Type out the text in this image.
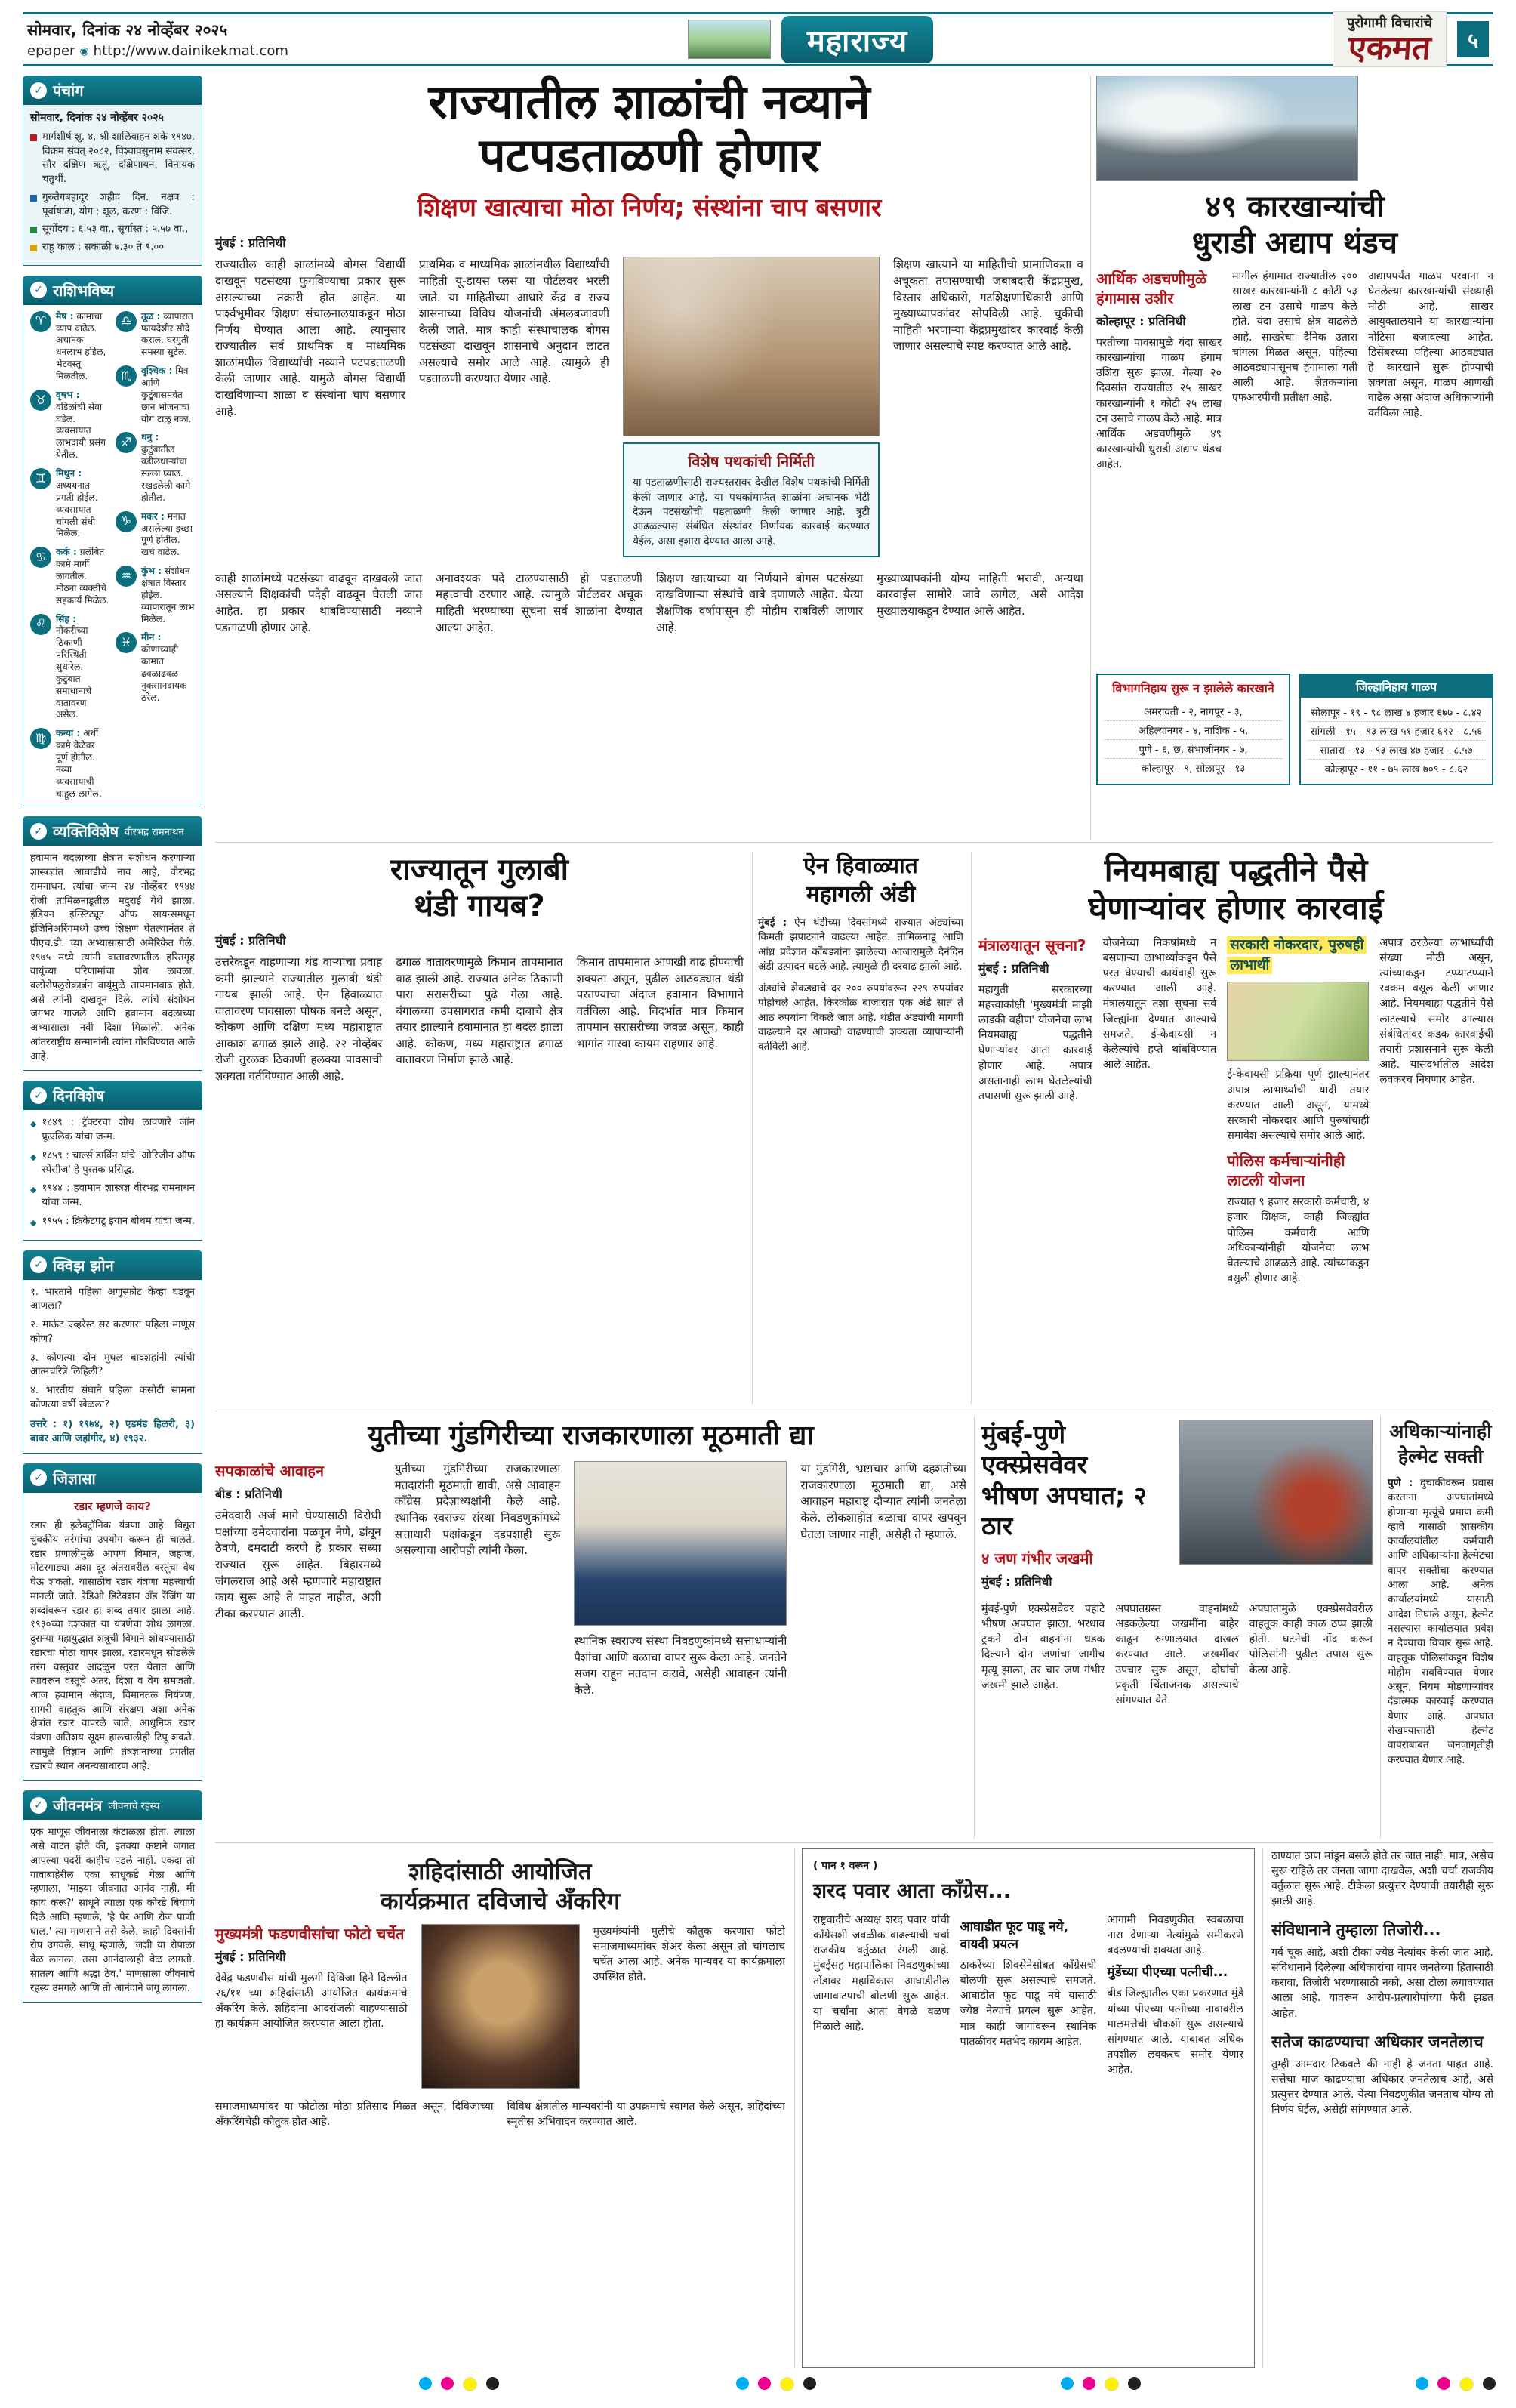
सोमवार, दिनांक २४ नोव्हेंबर २०२५
epaper ◉ http://www.dainikekmat.com	महाराज्य
पुरोगामी विचारांचे
एकमत	५
✓ पंचांग
सोमवार, दिनांक २४ नोव्हेंबर २०२५
मार्गशीर्ष शु. ४, श्री शालिवाहन शके १९४७, विक्रम संवत् २०८२, विश्वावसुनाम संवत्सर, सौर दक्षिण ऋतू, दक्षिणायन. विनायक चतुर्थी.
गुरुतेगबहादूर शहीद दिन. नक्षत्र : पूर्वाषाढा, योग : शूल, करण : विंजि.
सूर्योदय : ६.५३ वा., सूर्यास्त : ५.५७ वा.,
राहू काल : सकाळी ७.३० ते ९.००
✓ राशिभविष्य
♈	मेष : कामाचा व्याप वाढेल. अचानक धनलाभ होईल, भेटवस्तू मिळतील.
♉	वृषभ : वडिलांची सेवा घडेल. व्यवसायात लाभदायी प्रसंग येतील.
♊	मिथुन : अध्ययनात प्रगती होईल. व्यवसायात चांगली संधी मिळेल.
♋	कर्क : प्रलंबित कामे मार्गी लागतील. मोठ्या व्यक्तींचे सहकार्य मिळेल.
♌	सिंह : नोकरीच्या ठिकाणी परिस्थिती सुधारेल. कुटुंबात समाधानाचे वातावरण असेल.
♍	कन्या : अर्धी कामे वेळेवर पूर्ण होतील. नव्या व्यवसायाची चाहूल लागेल.
♎	तूळ : व्यापारात फायदेशीर सौदे कराल. घरगुती समस्या सुटेल.
♏	वृश्चिक : मित्र आणि कुटुंबासमवेत छान भोजनाचा योग टाळू नका.
♐	धनु : कुटुंबातील वडीलधाऱ्यांचा सल्ला घ्याल. रखडलेली कामे होतील.
♑	मकर : मनात असलेल्या इच्छा पूर्ण होतील. खर्च वाढेल.
♒	कुंभ : संशोधन क्षेत्रात विस्तार होईल. व्यापारातून लाभ मिळेल.
♓	मीन : कोणाच्याही कामात ढवळाढवळ नुकसानदायक ठरेल.
✓ व्यक्तिविशेष वीरभद्र रामनाथन
हवामान बदलाच्या क्षेत्रात संशोधन करणाऱ्या शास्त्रज्ञांत आघाडीचे नाव आहे, वीरभद्र रामनाथन. त्यांचा जन्म २४ नोव्हेंबर १९४४ रोजी तामिळनाडूतील मदुराई येथे झाला. इंडियन इन्स्टिट्यूट ऑफ सायन्समधून इंजिनिअरिंगमध्ये उच्च शिक्षण घेतल्यानंतर ते पीएच.डी. च्या अभ्यासासाठी अमेरिकेत गेले. १९७५ मध्ये त्यांनी वातावरणातील हरितगृह वायूंच्या परिणामांचा शोध लावला. क्लोरोफ्लुरोकार्बन वायूंमुळे तापमानवाढ होते, असे त्यांनी दाखवून दिले. त्यांचे संशोधन जगभर गाजले आणि हवामान बदलाच्या अभ्यासाला नवी दिशा मिळाली. अनेक आंतरराष्ट्रीय सन्मानांनी त्यांना गौरविण्यात आले आहे.
✓ दिनविशेष
◆ १८४९ : ट्रॅक्टरचा शोध लावणारे जॉन फ्रूएलिक यांचा जन्म.
◆ १८५९ : चार्ल्स डार्विन यांचे 'ओरिजीन ऑफ स्पेसीज' हे पुस्तक प्रसिद्ध.
◆ १९४४ : हवामान शास्त्रज्ञ वीरभद्र रामनाथन यांचा जन्म.
◆ १९५५ : क्रिकेटपटू इयान बोथम यांचा जन्म.
✓ क्विझ झोन
१. भारताने पहिला अणुस्फोट केव्हा घडवून आणला?
२. माऊंट एव्हरेस्ट सर करणारा पहिला माणूस कोण?
३. कोणत्या दोन मुघल बादशहांनी त्यांची आत्मचरित्रे लिहिली?
४. भारतीय संघाने पहिला कसोटी सामना कोणत्या वर्षी खेळला?
उत्तरे : १) १९७४, २) एडमंड हिलरी, ३) बाबर आणि जहांगीर, ४) १९३२.
✓ जिज्ञासा
रडार म्हणजे काय?
रडार ही इलेक्ट्रॉनिक यंत्रणा आहे. विद्युत चुंबकीय तरंगांचा उपयोग करून ही चालते. रडार प्रणालीमुळे आपण विमान, जहाज, मोटरगाड्या अशा दूर अंतरावरील वस्तूंचा वेध घेऊ शकतो. यासाठीच रडार यंत्रणा महत्त्वाची मानली जाते. रेडिओ डिटेक्शन अँड रेंजिंग या शब्दांवरून रडार हा शब्द तयार झाला आहे. १९३०च्या दशकात या यंत्रणेचा शोध लागला. दुसऱ्या महायुद्धात शत्रूची विमाने शोधण्यासाठी रडारचा मोठा वापर झाला. रडारमधून सोडलेले तरंग वस्तूवर आदळून परत येतात आणि त्यावरून वस्तूचे अंतर, दिशा व वेग समजतो. आज हवामान अंदाज, विमानतळ नियंत्रण, सागरी वाहतूक आणि संरक्षण अशा अनेक क्षेत्रांत रडार वापरले जाते. आधुनिक रडार यंत्रणा अतिशय सूक्ष्म हालचालीही टिपू शकते. त्यामुळे विज्ञान आणि तंत्रज्ञानाच्या प्रगतीत रडारचे स्थान अनन्यसाधारण आहे.
✓ जीवनमंत्र जीवनाचे रहस्य
एक माणूस जीवनाला कंटाळला होता. त्याला असे वाटत होते की, इतक्या कष्टाने जगात आपल्या पदरी काहीच पडले नाही. एकदा तो गावाबाहेरील एका साधूकडे गेला आणि म्हणाला, 'माझ्या जीवनात आनंद नाही. मी काय करू?' साधूने त्याला एक कोरडे बियाणे दिले आणि म्हणाले, 'हे पेर आणि रोज पाणी घाल.' त्या माणसाने तसे केले. काही दिवसांनी रोप उगवले. साधू म्हणाले, 'जशी या रोपाला वेळ लागला, तसा आनंदालाही वेळ लागतो. सातत्य आणि श्रद्धा ठेव.' माणसाला जीवनाचे रहस्य उमगले आणि तो आनंदाने जगू लागला.
राज्यातील शाळांची नव्याने
पटपडताळणी होणार
शिक्षण खात्याचा मोठा निर्णय; संस्थांना चाप बसणार
मुंबई : प्रतिनिधी
राज्यातील काही शाळांमध्ये बोगस विद्यार्थी दाखवून पटसंख्या फुगविण्याचा प्रकार सुरू असल्याच्या तक्रारी होत आहेत. या पार्श्वभूमीवर शिक्षण संचालनालयाकडून मोठा निर्णय घेण्यात आला आहे. त्यानुसार राज्यातील सर्व प्राथमिक व माध्यमिक शाळांमधील विद्यार्थ्यांची नव्याने पटपडताळणी केली जाणार आहे. यामुळे बोगस विद्यार्थी दाखविणाऱ्या शाळा व संस्थांना चाप बसणार आहे.
प्राथमिक व माध्यमिक शाळांमधील विद्यार्थ्यांची माहिती यू-डायस प्लस या पोर्टलवर भरली जाते. या माहितीच्या आधारे केंद्र व राज्य शासनाच्या विविध योजनांची अंमलबजावणी केली जाते. मात्र काही संस्थाचालक बोगस पटसंख्या दाखवून शासनाचे अनुदान लाटत असल्याचे समोर आले आहे. त्यामुळे ही पडताळणी करण्यात येणार आहे.
विशेष पथकांची निर्मिती
या पडताळणीसाठी राज्यस्तरावर देखील विशेष पथकांची निर्मिती केली जाणार आहे. या पथकांमार्फत शाळांना अचानक भेटी देऊन पटसंख्येची पडताळणी केली जाणार आहे. त्रुटी आढळल्यास संबंधित संस्थांवर निर्णायक कारवाई करण्यात येईल, असा इशारा देण्यात आला आहे.
शिक्षण खात्याने या माहितीची प्रामाणिकता व अचूकता तपासण्याची जबाबदारी केंद्रप्रमुख, विस्तार अधिकारी, गटशिक्षणाधिकारी आणि मुख्याध्यापकांवर सोपविली आहे. चुकीची माहिती भरणाऱ्या केंद्रप्रमुखांवर कारवाई केली जाणार असल्याचे स्पष्ट करण्यात आले आहे.
काही शाळांमध्ये पटसंख्या वाढवून दाखवली जात असल्याने शिक्षकांची पदेही वाढवून घेतली जात आहेत. हा प्रकार थांबविण्यासाठी नव्याने पडताळणी होणार आहे.
अनावश्यक पदे टाळण्यासाठी ही पडताळणी महत्त्वाची ठरणार आहे. त्यामुळे पोर्टलवर अचूक माहिती भरण्याच्या सूचना सर्व शाळांना देण्यात आल्या आहेत.
शिक्षण खात्याच्या या निर्णयाने बोगस पटसंख्या दाखविणाऱ्या संस्थांचे धाबे दणाणले आहेत. येत्या शैक्षणिक वर्षापासून ही मोहीम राबविली जाणार आहे.
मुख्याध्यापकांनी योग्य माहिती भरावी, अन्यथा कारवाईस सामोरे जावे लागेल, असे आदेश मुख्यालयाकडून देण्यात आले आहेत.
४९ कारखान्यांची
धुराडी अद्याप थंडच
आर्थिक अडचणीमुळे हंगामास उशीर
कोल्हापूर : प्रतिनिधी
परतीच्या पावसामुळे यंदा साखर कारखान्यांचा गाळप हंगाम उशिरा सुरू झाला. गेल्या २० दिवसांत राज्यातील २५ साखर कारखान्यांनी १ कोटी २५ लाख टन उसाचे गाळप केले आहे. मात्र आर्थिक अडचणीमुळे ४९ कारखान्यांची धुराडी अद्याप थंडच आहेत.
मागील हंगामात राज्यातील २०० साखर कारखान्यांनी ८ कोटी ५३ लाख टन उसाचे गाळप केले होते. यंदा उसाचे क्षेत्र वाढलेले आहे. साखरेचा दैनिक उतारा चांगला मि‌ळत असून, पहिल्या आठवड्यापासूनच हंगामाला गती आली आहे. शेतकऱ्यांना एफआरपीची प्रतीक्षा आहे.
अद्यापपर्यंत गाळप परवाना न घेतलेल्या कारखान्यांची संख्याही मोठी आहे. साखर आयुक्तालयाने या कारखान्यांना नोटिसा बजावल्या आहेत. डिसेंबरच्या पहिल्या आठवड्यात हे कारखाने सुरू होण्याची शक्यता असून, गाळप आणखी वाढेल असा अंदाज अधिकाऱ्यांनी वर्तविला आहे.
विभागनिहाय सुरू न झालेले कारखाने
अमरावती - २, नागपूर - ३,
अहिल्यानगर - ४, नाशिक - ५,
पुणे - ६, छ. संभाजीनगर - ७,
कोल्हापूर - ९, सोलापूर - १३
जिल्हानिहाय गाळप
सोलापूर - १९ - ९८ लाख ४ हजार ६७७ - ८.४२
सांगली - १५ - ९३ लाख ५१ हजार ६९२ - ८.५६
सातारा - १३ - ९३ लाख ४७ हजार - ८.५७
कोल्हापूर - ११ - ७५ लाख ७०९ - ८.६२
राज्यातून गुलाबी
थंडी गायब?
मुंबई : प्रतिनिधी
उत्तरेकडून वाहणाऱ्या थंड वाऱ्यांचा प्रवाह कमी झाल्याने राज्यातील गुलाबी थंडी गायब झाली आहे. ऐन हिवाळ्यात वातावरण पावसाला पोषक बनले असून, कोकण आणि दक्षिण मध्य महाराष्ट्रात आकाश ढगाळ झाले आहे. २२ नोव्हेंबर रोजी तुरळक ठिकाणी हलक्या पावसाची शक्यता वर्तविण्यात आली आहे.
ढगाळ वातावरणामुळे किमान तापमानात वाढ झाली आहे. राज्यात अनेक ठिकाणी पारा सरासरीच्या पुढे गेला आहे. बंगालच्या उपसागरात कमी दाबाचे क्षेत्र तयार झाल्याने हवामानात हा बदल झाला आहे. कोकण, मध्य महाराष्ट्रात ढगाळ वातावरण निर्माण झाले आहे.
किमान तापमानात आणखी वाढ होण्याची शक्यता असून, पुढील आठवड्यात थंडी परतण्याचा अंदाज हवामान विभागाने वर्तविला आहे. विदर्भात मात्र किमान तापमान सरासरीच्या जवळ असून, काही भागांत गारवा कायम राहणार आहे.
ऐन हिवाळ्यात
महागली अंडी
मुंबई : ऐन थंडीच्या दिवसांमध्ये राज्यात अंड्यांच्या किमती झपाट्याने वाढल्या आहेत. तामिळनाडू आणि आंध्र प्रदेशात कोंबड्यांना झालेल्या आजारामुळे दैनंदिन अंडी उत्पादन घटले आहे. त्यामुळे ही दरवाढ झाली आहे.
अंड्यांचे शेकड्याचे दर २०० रुपयांवरून २२९ रुपयांवर पोहोचले आहेत. किरकोळ बाजारात एक अंडे सात ते आठ रुपयांना विकले जात आहे. थंडीत अंड्यांची मागणी वाढल्याने दर आणखी वाढण्याची शक्यता व्यापाऱ्यांनी वर्तविली आहे.
नियमबाह्य पद्धतीने पैसे
घेणाऱ्यांवर होणार कारवाई
मंत्रालयातून सूचना?
मुंबई : प्रतिनिधी
महायुती सरकारच्या महत्त्वाकांक्षी 'मुख्यमंत्री माझी लाडकी बहीण' योजनेचा लाभ नियमबाह्य पद्धतीने घेणाऱ्यांवर आता कारवाई होणार आहे. अपात्र असतानाही लाभ घेतलेल्यांची तपासणी सुरू झाली आहे.
योजनेच्या निकषांमध्ये न बसणाऱ्या लाभार्थ्यांकडून पैसे परत घेण्याची कार्यवाही सुरू करण्यात आली आहे. मंत्रालयातून तशा सूचना सर्व जिल्ह्यांना देण्यात आल्याचे समजते. ई-केवायसी न केलेल्यांचे हप्ते थांबविण्यात आले आहेत.
सरकारी नोकरदार, पुरुषही लाभार्थी
ई-केवायसी प्रक्रिया पूर्ण झाल्यानंतर अपात्र लाभार्थ्यांची यादी तयार करण्यात आली असून, यामध्ये सरकारी नोकरदार आणि पुरुषांचाही समावेश असल्याचे समोर आले आहे.
पोलिस कर्मचाऱ्यांनीही लाटली योजना
राज्यात ९ हजार सरकारी कर्मचारी, ४ हजार शिक्षक, काही जिल्ह्यांत पोलिस कर्मचारी आणि अधिकाऱ्यांनीही योजनेचा लाभ घेतल्याचे आढळले आहे. त्यांच्याकडून वसुली होणार आहे.
अपात्र ठरलेल्या लाभार्थ्यांची संख्या मोठी असून, त्यांच्याकडून टप्प्याटप्प्याने रक्कम वसूल केली जाणार आहे. नियमबाह्य पद्धतीने पैसे लाटल्याचे समोर आल्यास संबंधितांवर कडक कारवाईची तयारी प्रशासनाने सुरू केली आहे. यासंदर्भातील आदेश लवकरच निघणार आहेत.
युतीच्या गुंडगिरीच्या राजकारणाला मूठमाती द्या
सपकाळांचे आवाहन
बीड : प्रतिनिधी
उमेदवारी अर्ज मागे घेण्यासाठी विरोधी पक्षांच्या उमेदवारांना पळवून नेणे, डांबून ठेवणे, दमदाटी करणे हे प्रकार सध्या राज्यात सुरू आहेत. बिहारमध्ये जंगलराज आहे असे म्हणणारे महाराष्ट्रात काय सुरू आहे ते पाहत नाहीत, अशी टीका करण्यात आली.
युतीच्या गुंडगिरीच्या राजकारणाला मतदारांनी मूठमाती द्यावी, असे आवाहन काँग्रेस प्रदेशाध्यक्षांनी केले आहे. स्थानिक स्वराज्य संस्था निवडणुकांमध्ये सत्ताधारी पक्षांकडून दडपशाही सुरू असल्याचा आरोपही त्यांनी केला.
स्थानिक स्वराज्य संस्था निवडणुकांमध्ये सत्ताधाऱ्यांनी पैशांचा आणि बळाचा वापर सुरू केला आहे. जनतेने सजग राहून मतदान करावे, असेही आवाहन त्यांनी केले.
या गुंडगिरी, भ्रष्टाचार आणि दहशतीच्या राजकारणाला मूठमाती द्या, असे आवाहन महाराष्ट्र दौऱ्यात त्यांनी जनतेला केले. लोकशाहीत बळाचा वापर खपवून घेतला जाणार नाही, असेही ते म्हणाले.
मुंबई-पुणे एक्स्प्रेसवेवर
भीषण अपघात; २ ठार
४ जण गंभीर जखमी
मुंबई : प्रतिनिधी
मुंबई-पुणे एक्स्प्रेसवेवर पहाटे भीषण अपघात झाला. भरधाव ट्रकने दोन वाहनांना धडक दिल्याने दोन जणांचा जागीच मृत्यू झाला, तर चार जण गंभीर जखमी झाले आहेत.
अपघातग्रस्त वाहनांमध्ये अडकलेल्या जखमींना बाहेर काढून रुग्णालयात दाखल करण्यात आले. जखमींवर उपचार सुरू असून, दोघांची प्रकृती चिंताजनक असल्याचे सांगण्यात येते.
अपघातामुळे एक्स्प्रेसवेवरील वाहतूक काही काळ ठप्प झाली होती. घटनेची नोंद करून पोलिसांनी पुढील तपास सुरू केला आहे.
अधिकाऱ्यांनाही हेल्मेट सक्ती
पुणे : दुचाकीवरून प्रवास करताना अपघातांमध्ये होणाऱ्या मृत्यूंचे प्रमाण कमी व्हावे यासाठी शासकीय कार्यालयांतील कर्मचारी आणि अधिकाऱ्यांना हेल्मेटचा वापर सक्तीचा करण्यात आला आहे. अनेक कार्यालयांमध्ये यासाठी आदेश निघाले असून, हेल्मेट नसल्यास कार्यालयात प्रवेश न देण्याचा विचार सुरू आहे. वाहतूक पोलिसांकडून विशेष मोहीम राबविण्यात येणार असून, नियम मोडणाऱ्यांवर दंडात्मक कारवाई करण्यात येणार आहे. अपघात रोखण्यासाठी हेल्मेट वापराबाबत जनजागृतीही करण्यात येणार आहे.
शहिदांसाठी आयोजित
कार्यक्रमात दविजाचे अँकरिग
मुख्यमंत्री फडणवीसांचा फोटो चर्चेत
मुंबई : प्रतिनिधी
देवेंद्र फडणवीस यांची मुलगी दिविजा हिने दिल्लीत २६/११ च्या शहिदांसाठी आयोजित कार्यक्रमाचे अँकरिंग केले. शहिदांना आदरांजली वाहण्यासाठी हा कार्यक्रम आयोजित करण्यात आला होता.
मुख्यमंत्र्यांनी मुलीचे कौतुक करणारा फोटो समाजमाध्यमांवर शेअर केला असून तो चांगलाच चर्चेत आला आहे. अनेक मान्यवर या कार्यक्रमाला उपस्थित होते.
समाजमाध्यमांवर या फोटोला मोठा प्रतिसाद मिळत असून, दिविजाच्या अँकरिंगचेही कौतुक होत आहे.
विविध क्षेत्रांतील मान्यवरांनी या उपक्रमाचे स्वागत केले असून, शहिदांच्या स्मृतीस अभिवादन करण्यात आले.
( पान १ वरून )
शरद पवार आता काँग्रेस...
राष्ट्रवादीचे अध्यक्ष शरद पवार यांची काँग्रेसशी जवळीक वाढल्याची चर्चा राजकीय वर्तुळात रंगली आहे. मुंबईसह महापालिका निवडणुकांच्या तोंडावर महाविकास आघाडीतील जागावाटपाची बोलणी सुरू आहेत. या चर्चांना आता वेगळे वळण मिळाले आहे.
आघाडीत फूट पाडू नये, वायदी प्रयत्न
ठाकरेंच्या शिवसेनेसोबत काँग्रेसची बोलणी सुरू असल्याचे समजते. आघाडीत फूट पाडू नये यासाठी ज्येष्ठ नेत्यांचे प्रयत्न सुरू आहेत. मात्र काही जागांवरून स्थानिक पातळीवर मतभेद कायम आहेत.
आगामी निवडणुकीत स्वबळाचा नारा देणाऱ्या नेत्यांमुळे समीकरणे बदलण्याची शक्यता आहे.
मुंडेंच्या पीएच्या पत्नीची...
बीड जिल्ह्यातील एका प्रकरणात मुंडे यांच्या पीएच्या पत्नीच्या नावावरील मालमत्तेची चौकशी सुरू असल्याचे सांगण्यात आले. याबाबत अधिक तपशील लवकरच समोर येणार आहेत.
ठाण्यात ठाण मांडून बसले होते तर जात नाही. मात्र, असेच सुरू राहिले तर जनता जागा दाखवेल, अशी चर्चा राजकीय वर्तुळात सुरू आहे. टीकेला प्रत्युत्तर देण्याची तयारीही सुरू झाली आहे.
संविधानाने तुम्हाला तिजोरी...
गर्व चूक आहे, अशी टीका ज्येष्ठ नेत्यांवर केली जात आहे. संविधानाने दिलेल्या अधिकारांचा वापर जनतेच्या हितासाठी करावा, तिजोरी भरण्यासाठी नको, असा टोला लगावण्यात आला आहे. यावरून आरोप-प्रत्यारोपांच्या फैरी झडत आहेत.
सतेज काढण्याचा अधिकार जनतेलाच
तुम्ही आमदार टिकवले की नाही हे जनता पाहत आहे. सत्तेचा माज काढण्याचा अधिकार जनतेलाच आहे, असे प्रत्युत्तर देण्यात आले. येत्या निवडणुकीत जनताच योग्य तो निर्णय घेईल, असेही सांगण्यात आले.
